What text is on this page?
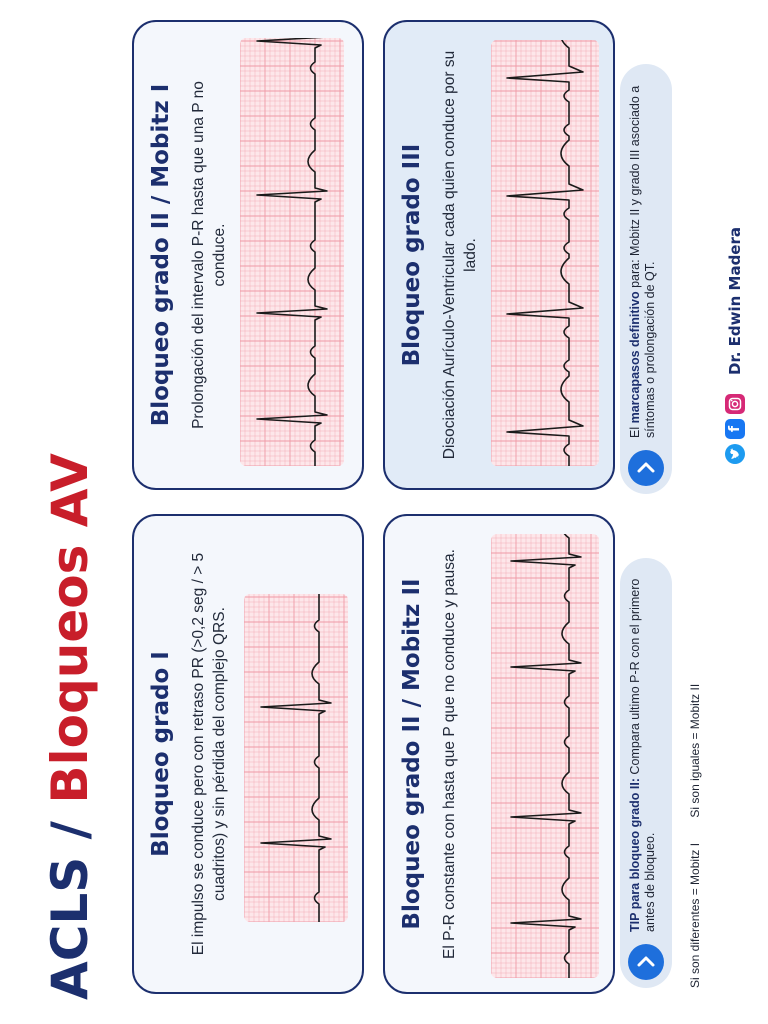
ACLS / Bloqueos AV	Bloqueo grado I El impulso se conduce pero con retraso PR (>0,2 seg / > 5 cuadritos) y sin pérdida del complejo QRS.
Bloqueo grado II / Mobitz I Prolongación del intervalo P-R hasta que una P no conduce.
Bloqueo grado II / Mobitz II El P-R constante con hasta que P que no conduce y pausa.
Bloqueo grado III Disociación Aurículo-Ventricular cada quien conduce por su lado.
TIP para bloqueo grado II: Compara ultimo P-R con el primero antes de bloqueo.	Si son diferentes = Mobitz I Si son iguales = Mobitz II
El marcapasos definitivo para: Mobitz II y grado III asociado a síntomas o prolongación de QT.	f
Dr. Edwin Madera
